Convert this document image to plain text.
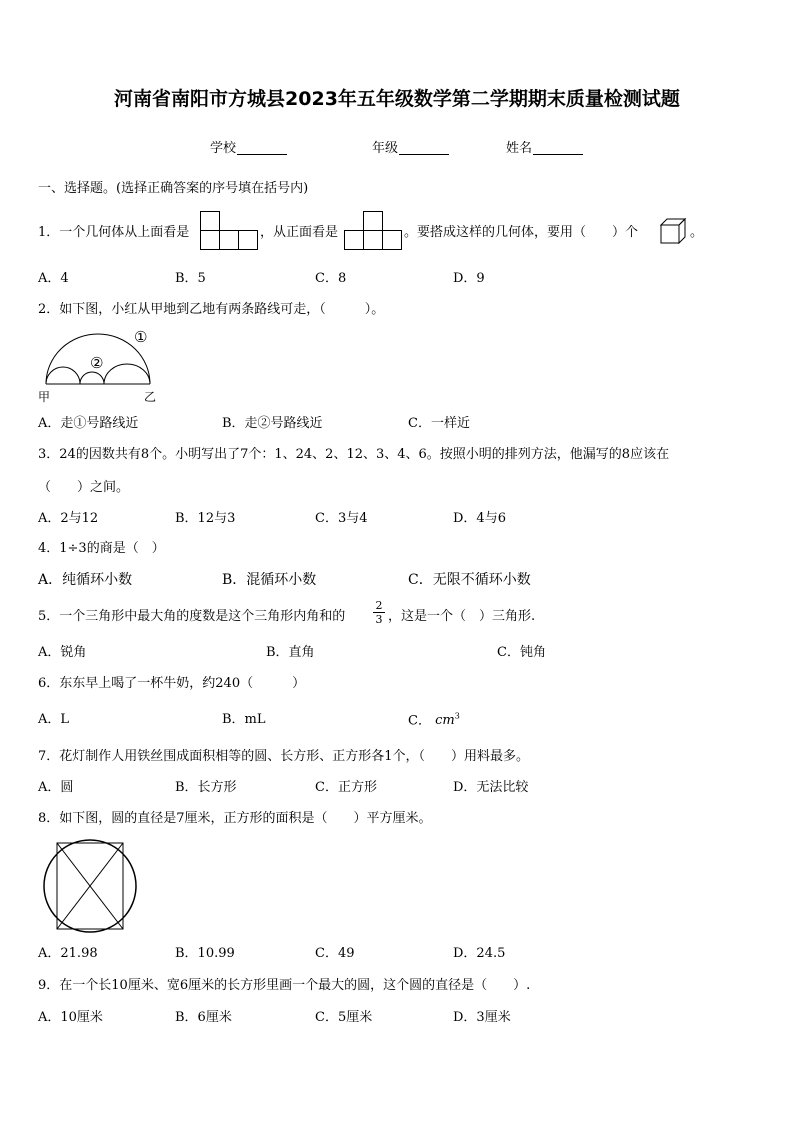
河南省南阳市方城县2023年五年级数学第二学期期末质量检测试题
学校	年级	姓名
一、选择题。(选择正确答案的序号填在括号内)
1．一个几何体从上面看是	，从正面看是	。要搭成这样的几何体，要用（　　）个	。
A．4	B．5	C．8	D．9
2．如下图，小红从甲地到乙地有两条路线可走，（　　　）。
①
②
甲	乙
A．走①号路线近	B．走②号路线近	C．一样近
3．24的因数共有8个。小明写出了7个：1、24、2、12、3、4、6。按照小明的排列方法，他漏写的8应该在
（　　）之间。
A．2与12	B．12与3	C．3与4	D．4与6
4．1÷3的商是（　）
A．纯循环小数	B．混循环小数	C．无限不循环小数
5．一个三角形中最大角的度数是这个三角形内角和的
2
3 ，这是一个（　）三角形.
A．锐角	B．直角	C．钝角
6．东东早上喝了一杯牛奶，约240（　　　）
A．L	B．mL	C． $cm^3$
7．花灯制作人用铁丝围成面积相等的圆、长方形、正方形各1个，（　　）用料最多。
A．圆	B．长方形	C．正方形	D．无法比较
8．如下图，圆的直径是7厘米，正方形的面积是（　　）平方厘米。
A．21.98	B．10.99	C．49	D．24.5
9．在一个长10厘米、宽6厘米的长方形里画一个最大的圆，这个圆的直径是（　　）.
A．10厘米	B．6厘米	C．5厘米	D．3厘米
